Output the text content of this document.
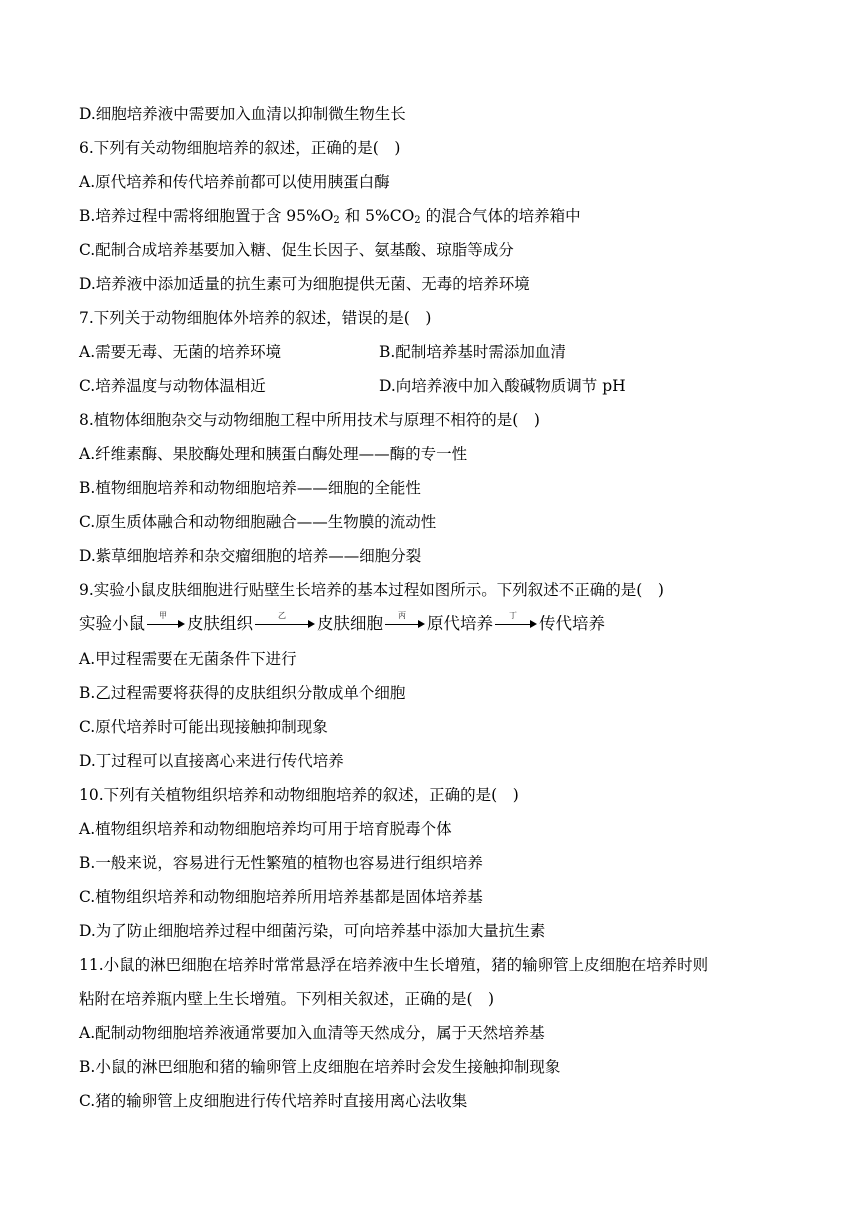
D.细胞培养液中需要加入血清以抑制微生物生长
6.下列有关动物细胞培养的叙述，正确的是(　)
A.原代培养和传代培养前都可以使用胰蛋白酶
B.培养过程中需将细胞置于含 $95\%O_2$ 和 $5\%CO_2$ 的混合气体的培养箱中
C.配制合成培养基要加入糖、促生长因子、氨基酸、琼脂等成分
D.培养液中添加适量的抗生素可为细胞提供无菌、无毒的培养环境
7.下列关于动物细胞体外培养的叙述，错误的是(　)
A.需要无毒、无菌的培养环境	B.配制培养基时需添加血清
C.培养温度与动物体温相近	D.向培养液中加入酸碱物质调节 pH
8.植物体细胞杂交与动物细胞工程中所用技术与原理不相符的是(　)
A.纤维素酶、果胶酶处理和胰蛋白酶处理——酶的专一性
B.植物细胞培养和动物细胞培养——细胞的全能性
C.原生质体融合和动物细胞融合——生物膜的流动性
D.紫草细胞培养和杂交瘤细胞的培养——细胞分裂
9.实验小鼠皮肤细胞进行贴壁生长培养的基本过程如图所示。下列叙述不正确的是(　)
实验小鼠	甲	皮肤组织	乙	皮肤细胞	丙	原代培养	丁	传代培养
A.甲过程需要在无菌条件下进行
B.乙过程需要将获得的皮肤组织分散成单个细胞
C.原代培养时可能出现接触抑制现象
D.丁过程可以直接离心来进行传代培养
10.下列有关植物组织培养和动物细胞培养的叙述，正确的是(　)
A.植物组织培养和动物细胞培养均可用于培育脱毒个体
B.一般来说，容易进行无性繁殖的植物也容易进行组织培养
C.植物组织培养和动物细胞培养所用培养基都是固体培养基
D.为了防止细胞培养过程中细菌污染，可向培养基中添加大量抗生素
11.小鼠的淋巴细胞在培养时常常悬浮在培养液中生长增殖，猪的输卵管上皮细胞在培养时则
粘附在培养瓶内壁上生长增殖。下列相关叙述，正确的是(　)
A.配制动物细胞培养液通常要加入血清等天然成分，属于天然培养基
B.小鼠的淋巴细胞和猪的输卵管上皮细胞在培养时会发生接触抑制现象
C.猪的输卵管上皮细胞进行传代培养时直接用离心法收集
